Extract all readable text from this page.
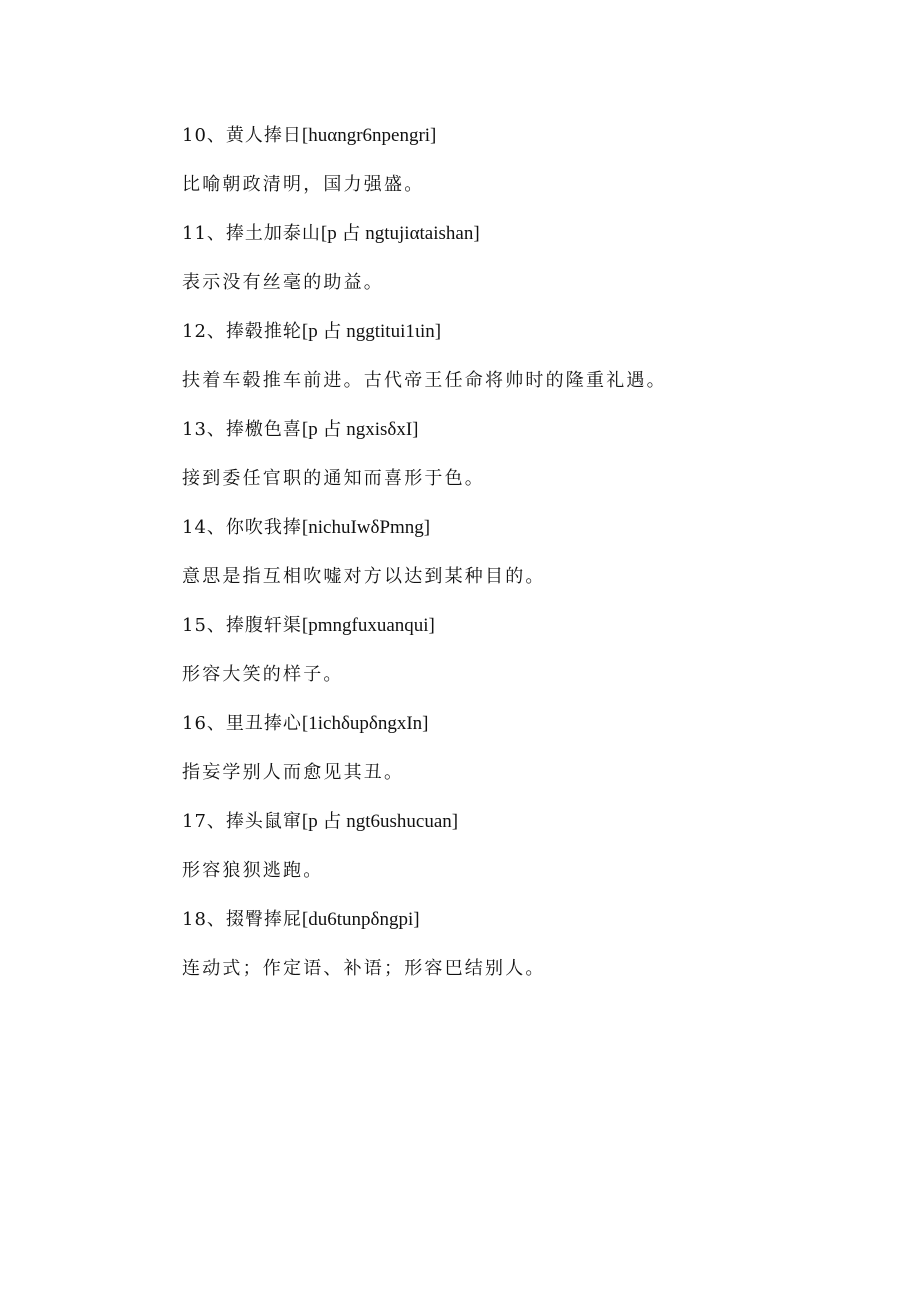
10、黄人捧日[huαngr6npengri]
比喻朝政清明，国力强盛。
11、捧土加泰山[p 占 ngtujiαtaishan]
表示没有丝毫的助益。
12、捧毂推轮[p 占 nggtitui1ιin]
扶着车毂推车前进。古代帝王任命将帅时的隆重礼遇。
13、捧檄色喜[p 占 ngxisδxI]
接到委任官职的通知而喜形于色。
14、你吹我捧[nichuIwδPmng]
意思是指互相吹嘘对方以达到某种目的。
15、捧腹轩渠[pmngfuxuanqui]
形容大笑的样子。
16、里丑捧心[1ichδupδngxIn]
指妄学别人而愈见其丑。
17、捧头鼠窜[p 占 ngt6ushucuan]
形容狼狈逃跑。
18、掇臀捧屁[du6tunpδngpi]
连动式；作定语、补语；形容巴结别人。
